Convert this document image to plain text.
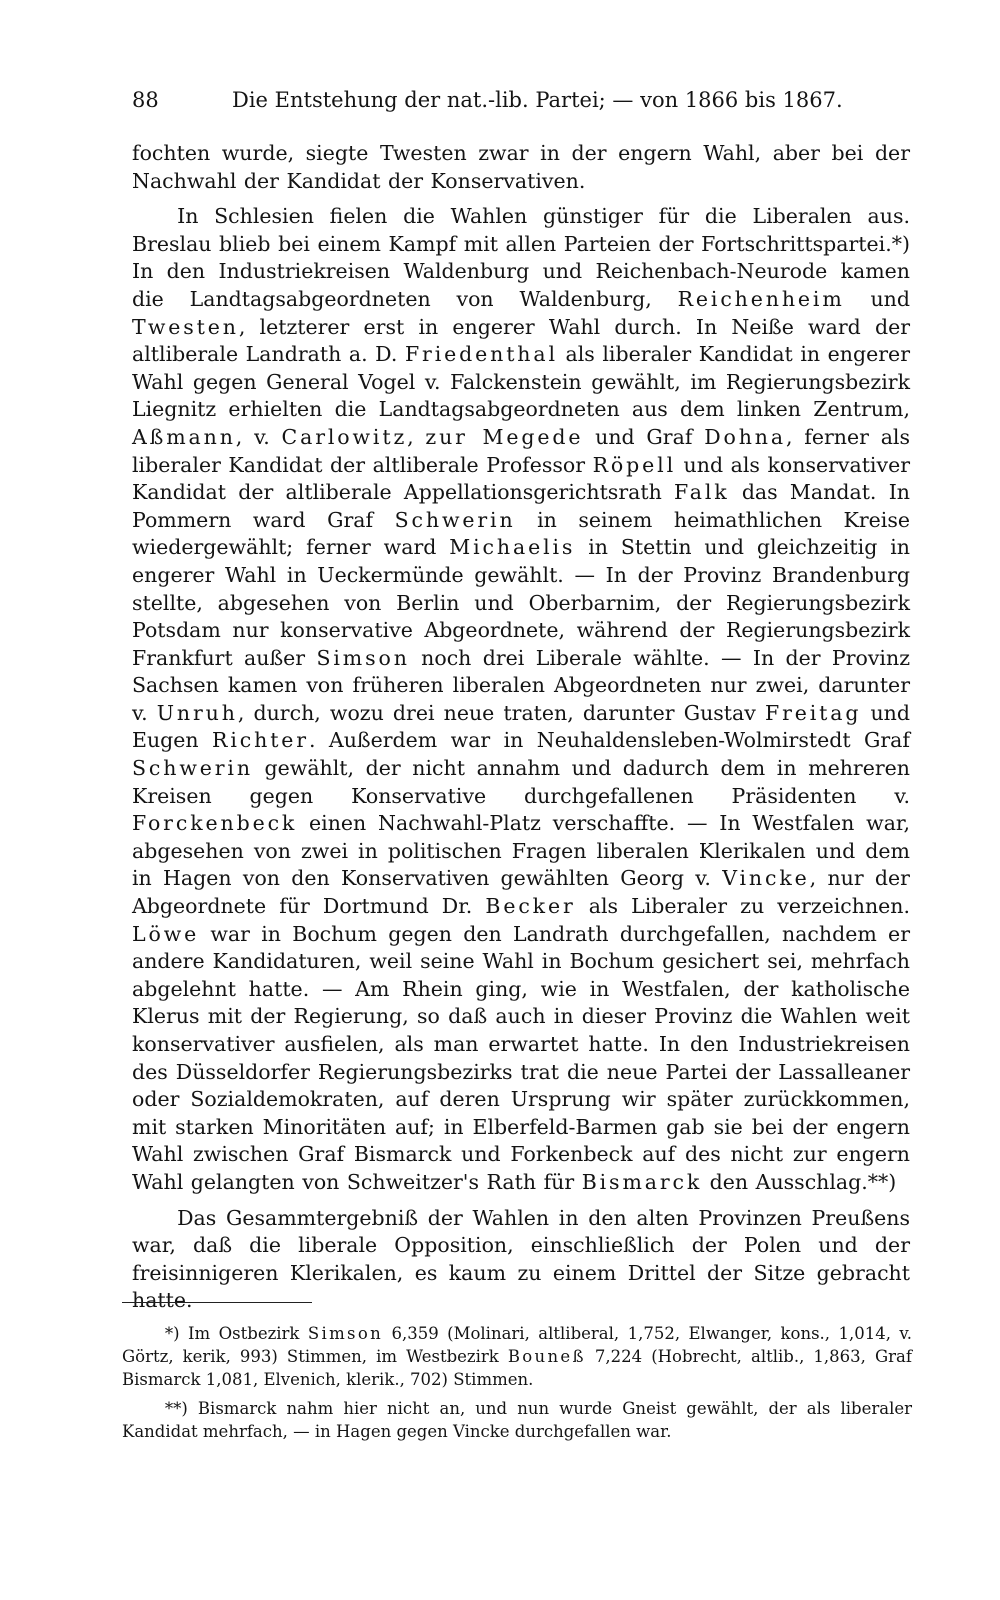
88	Die Entstehung der nat.-lib. Partei; — von 1866 bis 1867.

fochten wurde, siegte Twesten zwar in der engern Wahl, aber bei der Nachwahl der Kandidat der Konservativen.

In Schlesien fielen die Wahlen günstiger für die Liberalen aus. Breslau blieb bei einem Kampf mit allen Parteien der Fortschrittspartei.*) In den Industriekreisen Waldenburg und Reichenbach-Neurode kamen die Landtagsabgeordneten von Waldenburg, Reichenheim und Twesten, letzterer erst in engerer Wahl durch. In Neiße ward der altliberale Landrath a. D. Friedenthal als liberaler Kandidat in engerer Wahl gegen General Vogel v. Falckenstein gewählt, im Regierungsbezirk Liegnitz erhielten die Landtagsabgeordneten aus dem linken Zentrum, Aßmann, v. Carlowitz, zur Megede und Graf Dohna, ferner als liberaler Kandidat der altliberale Professor Röpell und als konservativer Kandidat der altliberale Appellationsgerichtsrath Falk das Mandat. In Pommern ward Graf Schwerin in seinem heimathlichen Kreise wiedergewählt; ferner ward Michaelis in Stettin und gleichzeitig in engerer Wahl in Ueckermünde gewählt. — In der Provinz Brandenburg stellte, abgesehen von Berlin und Oberbarnim, der Regierungsbezirk Potsdam nur konservative Abgeordnete, während der Regierungsbezirk Frankfurt außer Simson noch drei Liberale wählte. — In der Provinz Sachsen kamen von früheren liberalen Abgeordneten nur zwei, darunter v. Unruh, durch, wozu drei neue traten, darunter Gustav Freitag und Eugen Richter. Außerdem war in Neuhaldensleben-Wolmirstedt Graf Schwerin gewählt, der nicht annahm und dadurch dem in mehreren Kreisen gegen Konservative durchgefallenen Präsidenten v. Forckenbeck einen Nachwahl-Platz verschaffte. — In Westfalen war, abgesehen von zwei in politischen Fragen liberalen Klerikalen und dem in Hagen von den Konservativen gewählten Georg v. Vincke, nur der Abgeordnete für Dortmund Dr. Becker als Liberaler zu verzeichnen. Löwe war in Bochum gegen den Landrath durchgefallen, nachdem er andere Kandidaturen, weil seine Wahl in Bochum gesichert sei, mehrfach abgelehnt hatte. — Am Rhein ging, wie in Westfalen, der katholische Klerus mit der Regierung, so daß auch in dieser Provinz die Wahlen weit konservativer ausfielen, als man erwartet hatte. In den Industriekreisen des Düsseldorfer Regierungsbezirks trat die neue Partei der Lassalleaner oder Sozialdemokraten, auf deren Ursprung wir später zurückkommen, mit starken Minoritäten auf; in Elberfeld-Barmen gab sie bei der engern Wahl zwischen Graf Bismarck und Forkenbeck auf des nicht zur engern Wahl gelangten von Schweitzer's Rath für Bismarck den Ausschlag.**)

Das Gesammtergebniß der Wahlen in den alten Provinzen Preußens war, daß die liberale Opposition, einschließlich der Polen und der freisinnigeren Klerikalen, es kaum zu einem Drittel der Sitze gebracht hatte.

*) Im Ostbezirk Simson 6,359 (Molinari, altliberal, 1,752, Elwanger, kons., 1,014, v. Görtz, kerik, 993) Stimmen, im Westbezirk Bouneß 7,224 (Hobrecht, altlib., 1,863, Graf Bismarck 1,081, Elvenich, klerik., 702) Stimmen.

**) Bismarck nahm hier nicht an, und nun wurde Gneist gewählt, der als liberaler Kandidat mehrfach, — in Hagen gegen Vincke durchgefallen war.
